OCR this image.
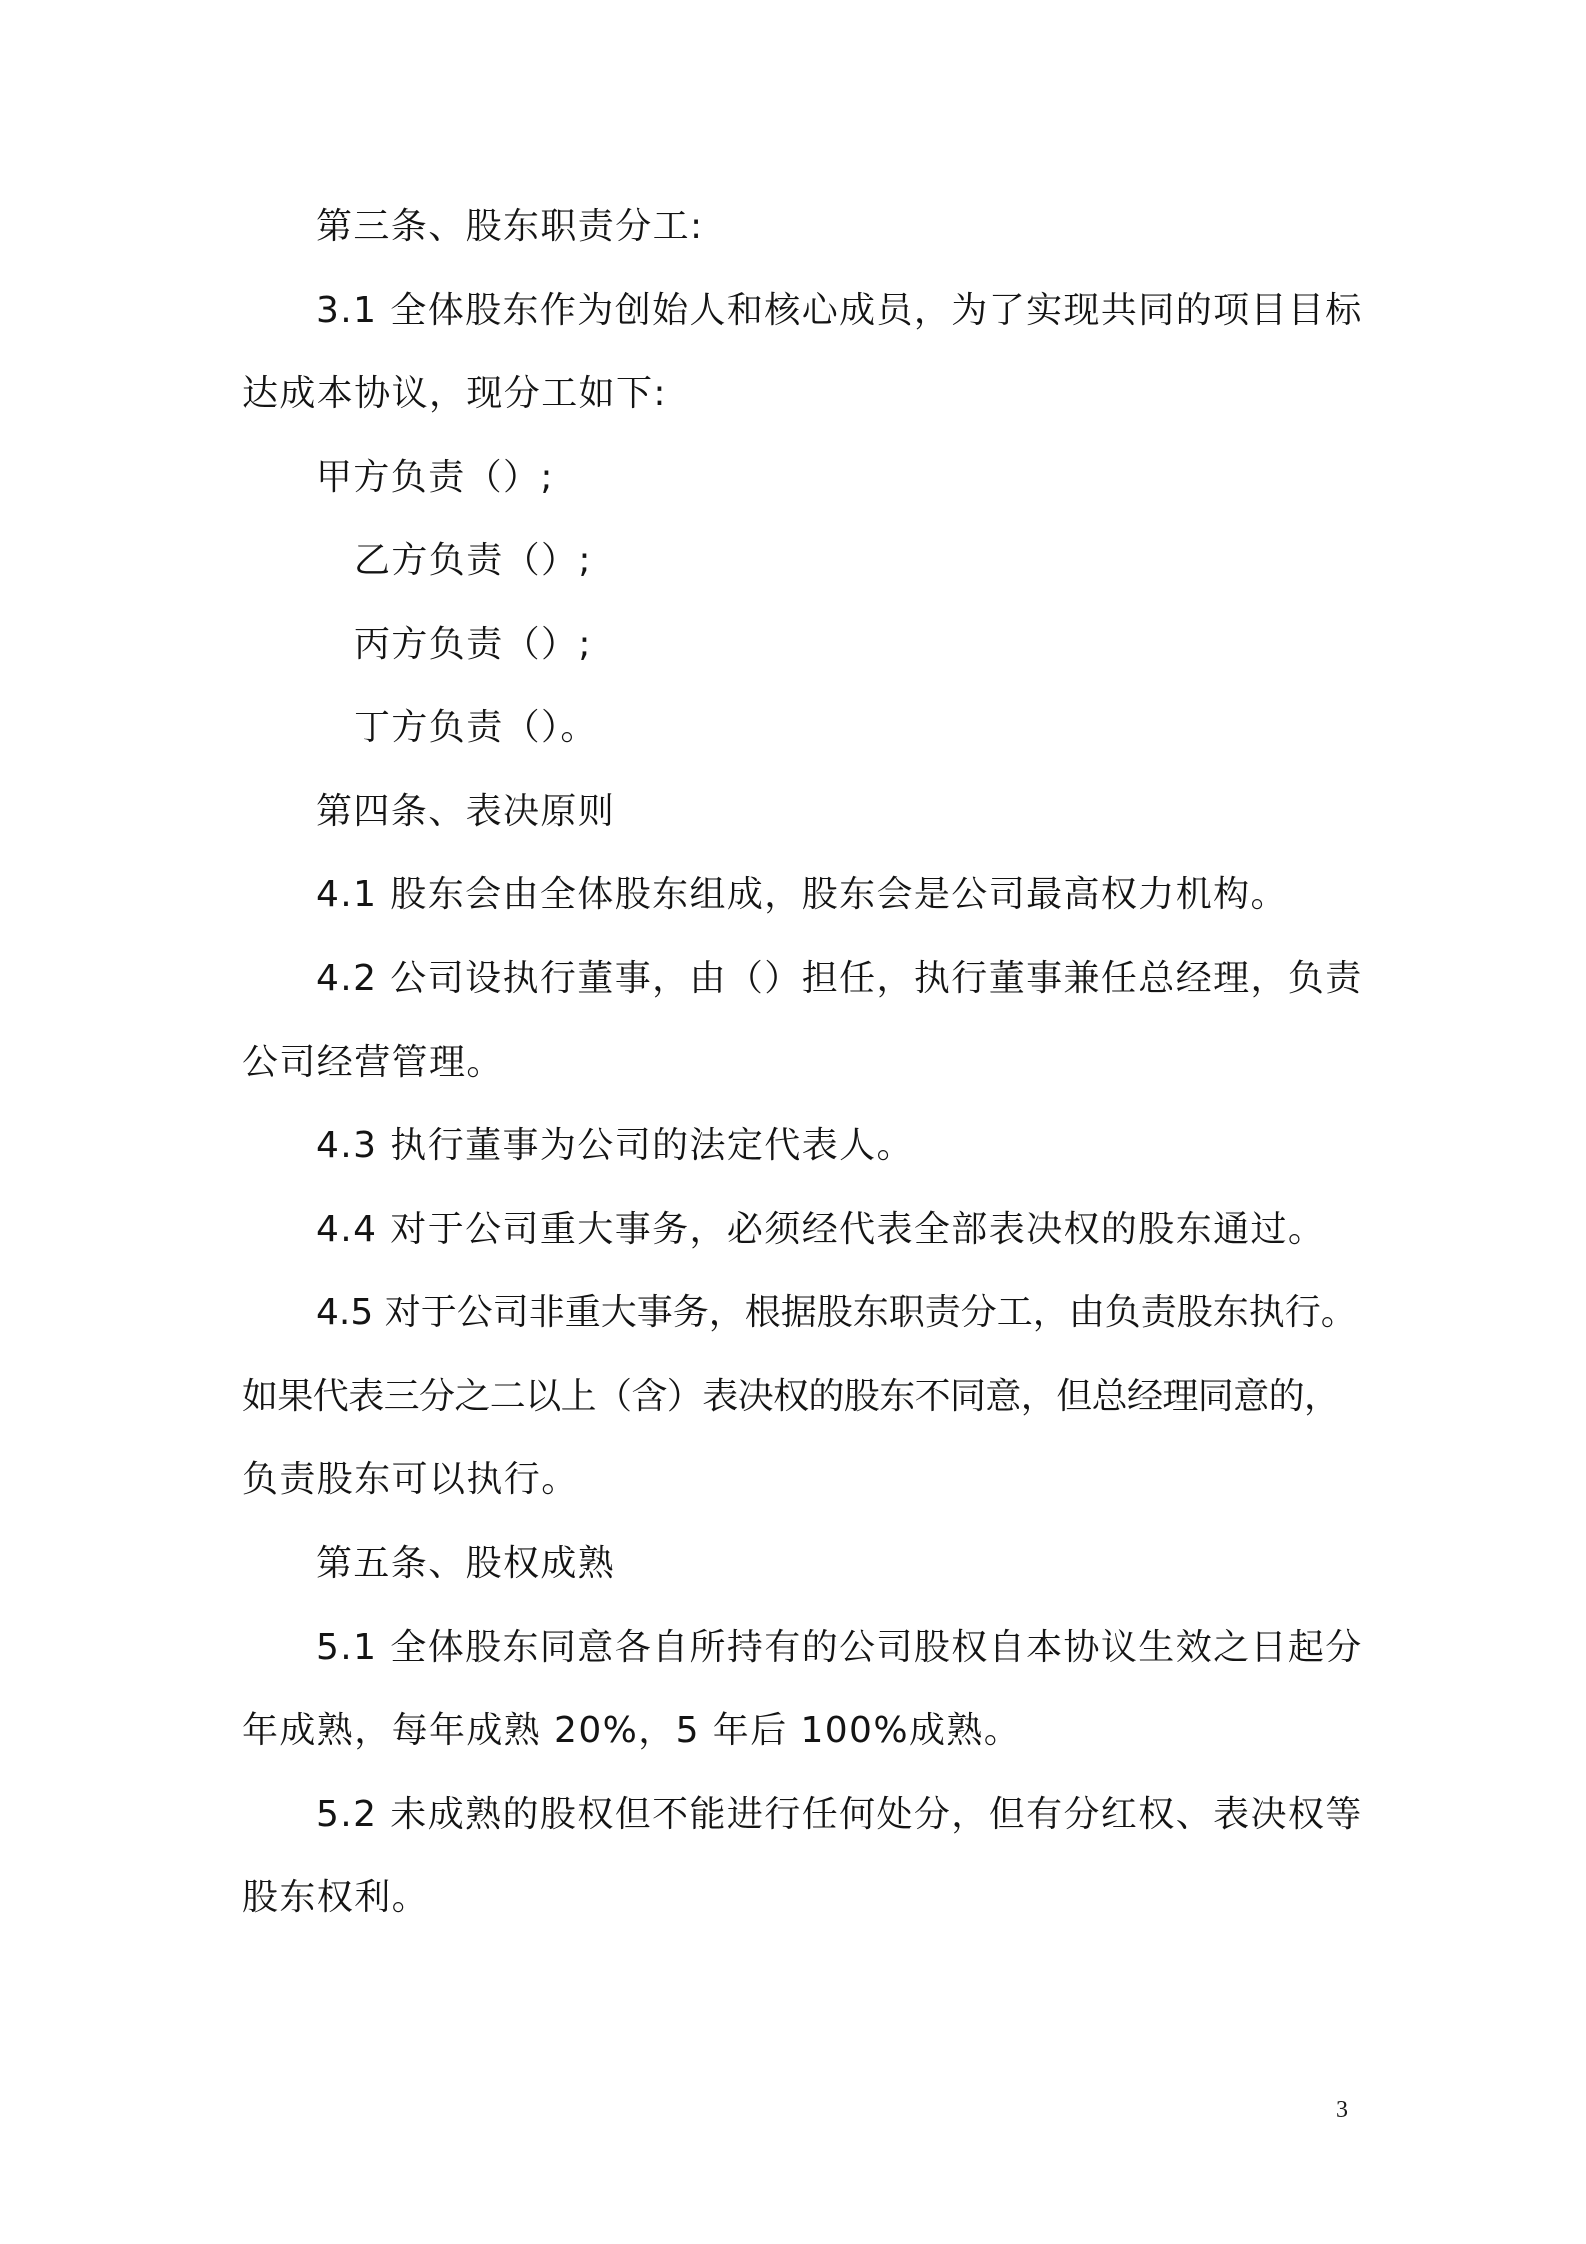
第三条、股东职责分工:

3.1 全体股东作为创始人和核心成员，为了实现共同的项目目标

达成本协议，现分工如下:

甲方负责（）;

乙方负责（）;

丙方负责（）;

丁方负责（）。

第四条、表决原则

4.1 股东会由全体股东组成，股东会是公司最高权力机构。

4.2 公司设执行董事，由（）担任，执行董事兼任总经理，负责

公司经营管理。

4.3 执行董事为公司的法定代表人。

4.4 对于公司重大事务，必须经代表全部表决权的股东通过。

4.5 对于公司非重大事务，根据股东职责分工，由负责股东执行。

如果代表三分之二以上（含）表决权的股东不同意，但总经理同意的，

负责股东可以执行。

第五条、股权成熟

5.1 全体股东同意各自所持有的公司股权自本协议生效之日起分

年成熟，每年成熟 20%，5 年后 100%成熟。

5.2 未成熟的股权但不能进行任何处分，但有分红权、表决权等

股东权利。

3
